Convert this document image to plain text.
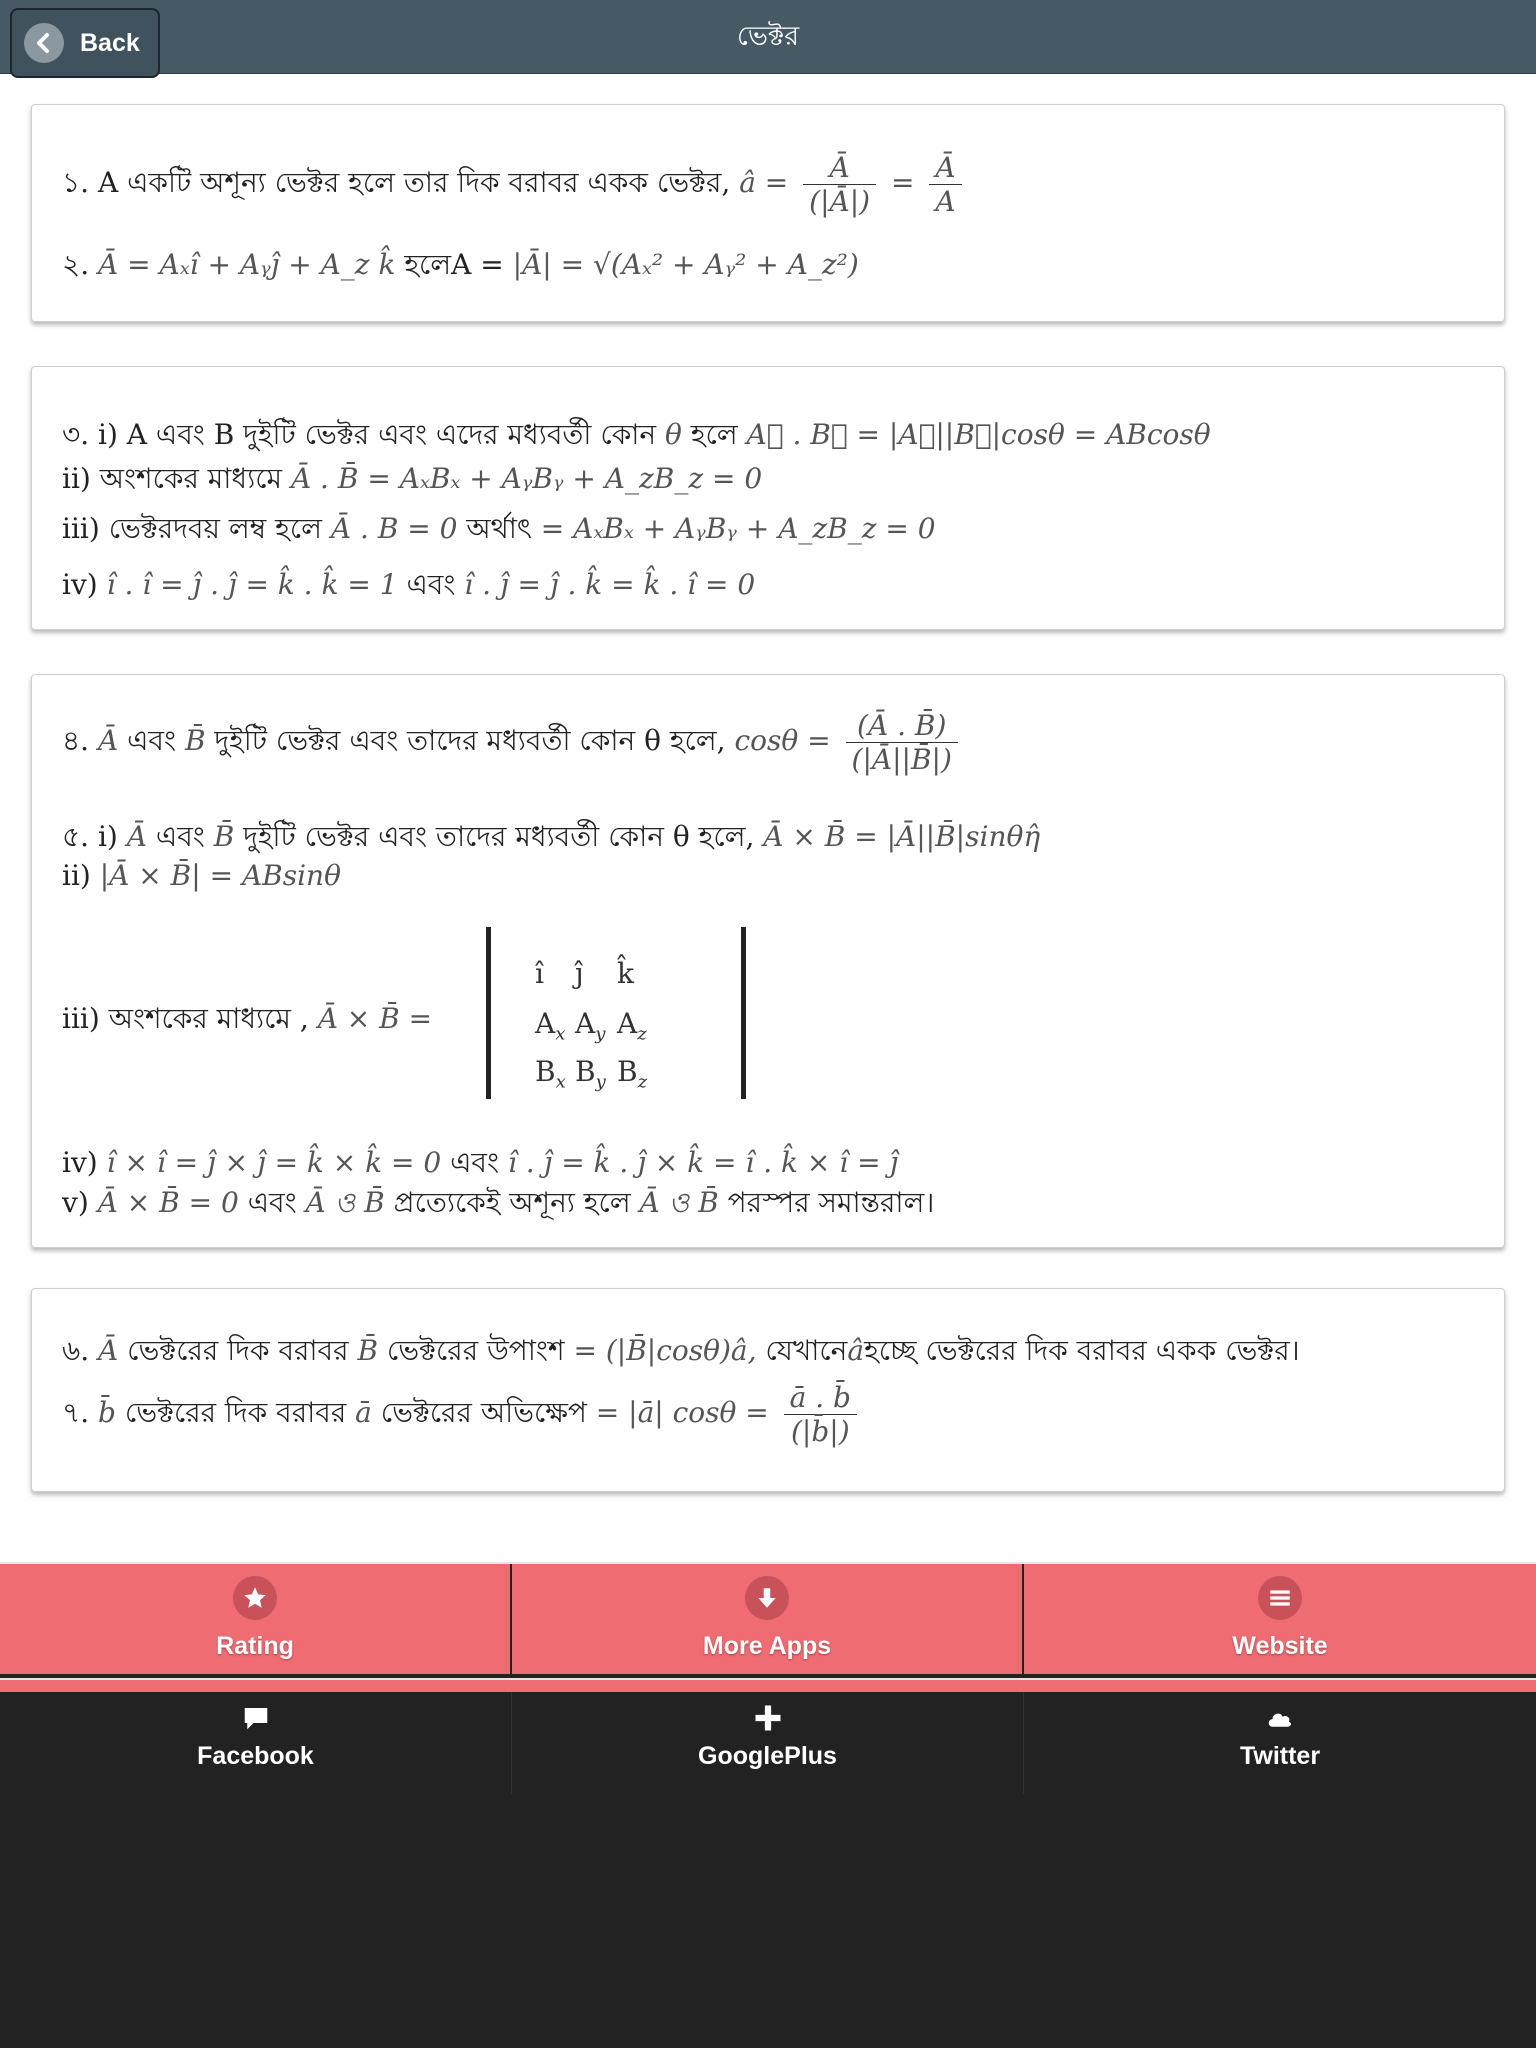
Back	ভেক্টর
১. A একটি অশূন্য ভেক্টর হলে তার দিক বরাবর একক ভেক্টর, â = $\frac{Ā}{(|Ā|)} = \frac{Ā}{A}$
২. Ā = Aₓî + Aᵧĵ + A_z k̂ হলেA = |Ā| = √(Aₓ² + Aᵧ² + A_z²)
৩. i) A এবং B দুইটি ভেক্টর এবং এদের মধ্যবর্তী কোন θ হলে A⃗ . B⃗ = |A⃗||B⃗|cosθ = ABcosθ
ii) অংশকের মাধ্যমে Ā . B̄ = AₓBₓ + AᵧBᵧ + A_zB_z = 0
iii) ভেক্টরদবয় লম্ব হলে Ā . B = 0 অর্থাৎ = AₓBₓ + AᵧBᵧ + A_zB_z = 0
iv) î . î = ĵ . ĵ = k̂ . k̂ = 1 এবং î . ĵ = ĵ . k̂ = k̂ . î = 0
৪. Ā এবং B̄ দুইটি ভেক্টর এবং তাদের মধ্যবর্তী কোন θ হলে, $\cos\theta = \frac{(Ā . B̄)}{(|Ā||B̄|)}$
৫. i) Ā এবং B̄ দুইটি ভেক্টর এবং তাদের মধ্যবর্তী কোন θ হলে, Ā × B̄ = |Ā||B̄|sinθη̂
ii) |Ā × B̄| = ABsinθ
iii) অংশকের মাধ্যমে , Ā × B̄ =
î ĵ k̂
$A_x$ $A_y$ $A_z$
$B_x$ $B_y$ $B_z$
iv) î × î = ĵ × ĵ = k̂ × k̂ = 0 এবং î . ĵ = k̂ . ĵ × k̂ = î . k̂ × î = ĵ
v) Ā × B̄ = 0 এবং Ā ও B̄ প্রত্যেকেই অশূন্য হলে Ā ও B̄ পরস্পর সমান্তরাল।
৬. Ā ভেক্টরের দিক বরাবর B̄ ভেক্টরের উপাংশ = (|B̄|cosθ)â, যেখানেâহচ্ছে ভেক্টরের দিক বরাবর একক ভেক্টর।
৭. b̄ ভেক্টরের দিক বরাবর ā ভেক্টরের অভিক্ষেপ = |ā| $\cos\theta = \frac{ā . b̄}{(|b̄|)}$
Rating	More Apps	Website
Facebook	GooglePlus	Twitter
